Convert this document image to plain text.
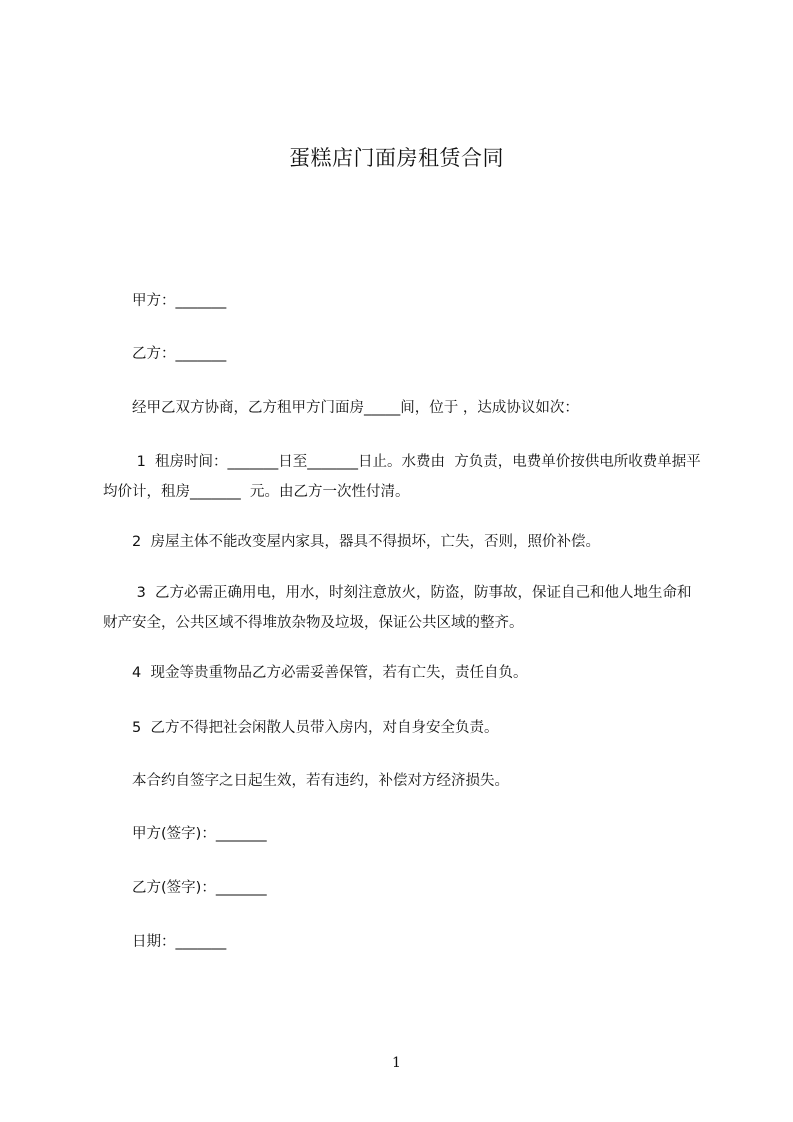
蛋糕店门面房租赁合同

　　甲方：_______

　　乙方：_______

　　经甲乙双方协商，乙方租甲方门面房_____间，位于 ，达成协议如次：

　　 1  租房时间：_______日至_______日止。水费由  方负责，电费单价按供电所收费单据平均价计，租房_______  元。由乙方一次性付清。

　　2  房屋主体不能改变屋内家具，器具不得损坏，亡失，否则，照价补偿。

　　 3  乙方必需正确用电，用水，时刻注意放火，防盗，防事故，保证自己和他人地生命和财产安全，公共区域不得堆放杂物及垃圾，保证公共区域的整齐。

　　4  现金等贵重物品乙方必需妥善保管，若有亡失，责任自负。

　　5  乙方不得把社会闲散人员带入房内，对自身安全负责。

　　本合约自签字之日起生效，若有违约，补偿对方经济损失。

　　甲方(签字)：_______

　　乙方(签字)：_______

　　日期：_______

1
